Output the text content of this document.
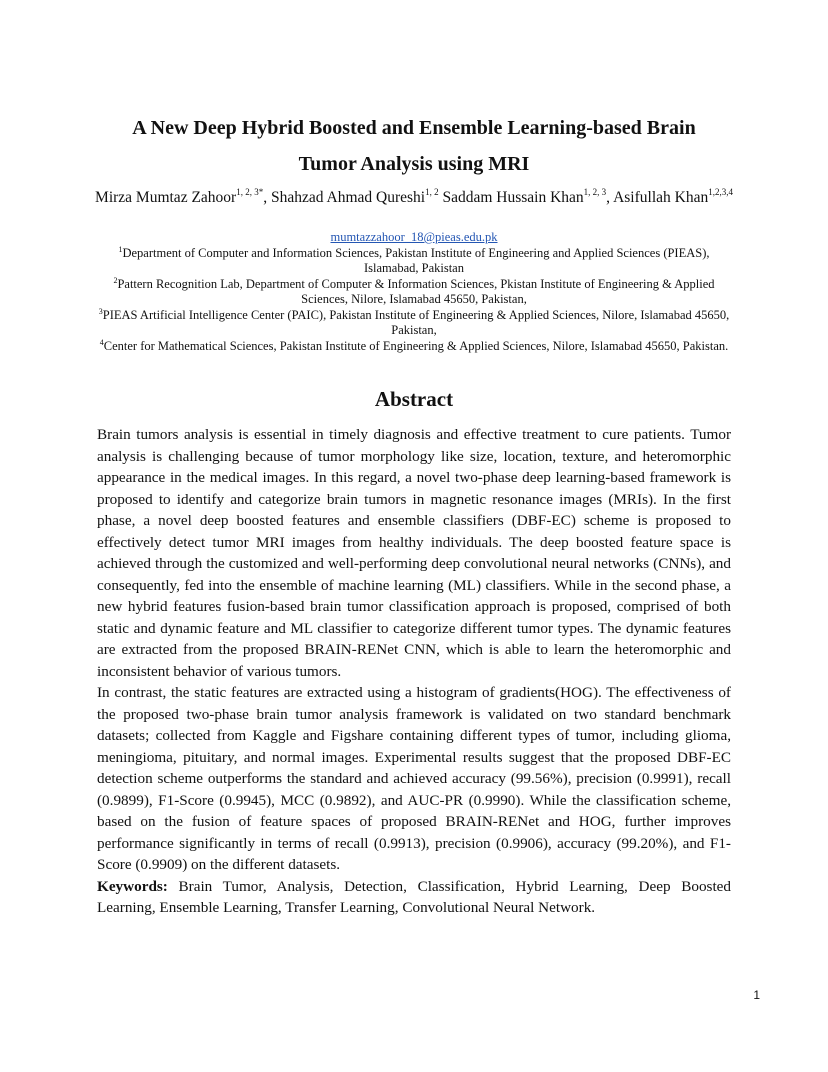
A New Deep Hybrid Boosted and Ensemble Learning-based Brain
Tumor Analysis using MRI
Mirza Mumtaz Zahoor$^{1, 2, 3*}$, Shahzad Ahmad Qureshi$^{1, 2}$ Saddam Hussain Khan$^{1, 2, 3}$, Asifullah Khan$^{1,2,3,4}$
mumtazzahoor_18@pieas.edu.pk

$^1$Department of Computer and Information Sciences, Pakistan Institute of Engineering and Applied Sciences (PIEAS), Islamabad, Pakistan

$^2$Pattern Recognition Lab, Department of Computer & Information Sciences, Pkistan Institute of Engineering & Applied Sciences, Nilore, Islamabad 45650, Pakistan,

$^3$PIEAS Artificial Intelligence Center (PAIC), Pakistan Institute of Engineering & Applied Sciences, Nilore, Islamabad 45650, Pakistan,

$^4$Center for Mathematical Sciences, Pakistan Institute of Engineering & Applied Sciences, Nilore, Islamabad 45650, Pakistan.

Abstract

Brain tumors analysis is essential in timely diagnosis and effective treatment to cure patients. Tumor analysis is challenging because of tumor morphology like size, location, texture, and heteromorphic appearance in the medical images. In this regard, a novel two-phase deep learning-based framework is proposed to identify and categorize brain tumors in magnetic resonance images (MRIs). In the first phase, a novel deep boosted features and ensemble classifiers (DBF-EC) scheme is proposed to effectively detect tumor MRI images from healthy individuals. The deep boosted feature space is achieved through the customized and well-performing deep convolutional neural networks (CNNs), and consequently, fed into the ensemble of machine learning (ML) classifiers. While in the second phase, a new hybrid features fusion-based brain tumor classification approach is proposed, comprised of both static and dynamic feature and ML classifier to categorize different tumor types. The dynamic features are extracted from the proposed BRAIN-RENet CNN, which is able to learn the heteromorphic and inconsistent behavior of various tumors.

In contrast, the static features are extracted using a histogram of gradients(HOG). The effectiveness of the proposed two-phase brain tumor analysis framework is validated on two standard benchmark datasets; collected from Kaggle and Figshare containing different types of tumor, including glioma, meningioma, pituitary, and normal images. Experimental results suggest that the proposed DBF-EC detection scheme outperforms the standard and achieved accuracy (99.56%), precision (0.9991), recall (0.9899), F1-Score (0.9945), MCC (0.9892), and AUC-PR (0.9990). While the classification scheme, based on the fusion of feature spaces of proposed BRAIN-RENet and HOG, further improves performance significantly in terms of recall (0.9913), precision (0.9906), accuracy (99.20%), and F1-Score (0.9909) on the different datasets.

Keywords: Brain Tumor, Analysis, Detection, Classification, Hybrid Learning, Deep Boosted Learning, Ensemble Learning, Transfer Learning, Convolutional Neural Network.

1
